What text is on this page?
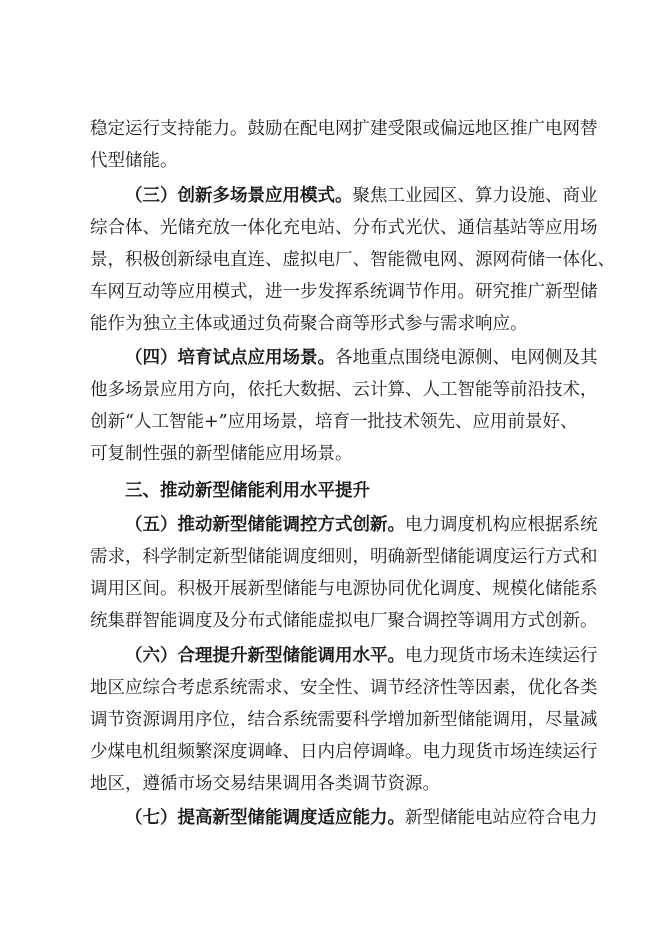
稳定运行支持能力。鼓励在配电网扩建受限或偏远地区推广电网替
代型储能。
（三）创新多场景应用模式。聚焦工业园区、算力设施、商业
综合体、光储充放一体化充电站、分布式光伏、通信基站等应用场
景，积极创新绿电直连、虚拟电厂、智能微电网、源网荷储一体化、
车网互动等应用模式，进一步发挥系统调节作用。研究推广新型储
能作为独立主体或通过负荷聚合商等形式参与需求响应。
（四）培育试点应用场景。各地重点围绕电源侧、电网侧及其
他多场景应用方向，依托大数据、云计算、人工智能等前沿技术，
创新“人工智能+”应用场景，培育一批技术领先、应用前景好、
可复制性强的新型储能应用场景。
三、推动新型储能利用水平提升
（五）推动新型储能调控方式创新。电力调度机构应根据系统
需求，科学制定新型储能调度细则，明确新型储能调度运行方式和
调用区间。积极开展新型储能与电源协同优化调度、规模化储能系
统集群智能调度及分布式储能虚拟电厂聚合调控等调用方式创新。
（六）合理提升新型储能调用水平。电力现货市场未连续运行
地区应综合考虑系统需求、安全性、调节经济性等因素，优化各类
调节资源调用序位，结合系统需要科学增加新型储能调用，尽量减
少煤电机组频繁深度调峰、日内启停调峰。电力现货市场连续运行
地区，遵循市场交易结果调用各类调节资源。
（七）提高新型储能调度适应能力。新型储能电站应符合电力
